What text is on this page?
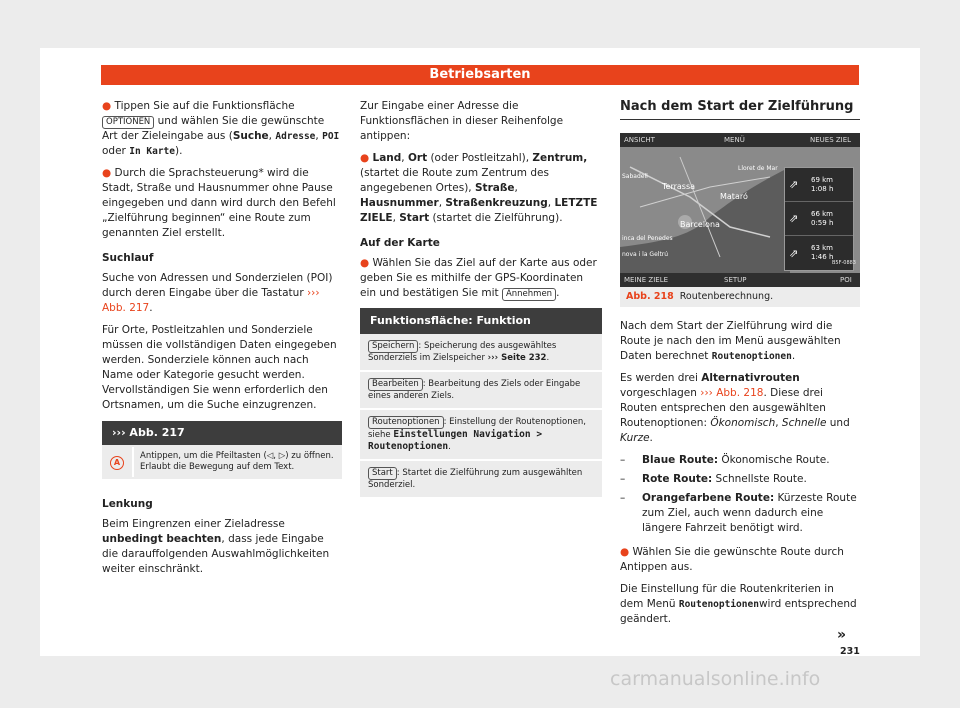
Betriebsarten

● Tippen Sie auf die Funktionsfläche OPTIONEN und wählen Sie die gewünschte Art der Zieleingabe aus (Suche, Adresse, POI oder In Karte).

● Durch die Sprachsteuerung* wird die Stadt, Straße und Hausnummer ohne Pause eingegeben und dann wird durch den Befehl „Zielführung beginnen“ eine Route zum genannten Ziel erstellt.

Suchlauf

Suche von Adressen und Sonderzielen (POI) durch deren Eingabe über die Tastatur ››› Abb. 217.

Für Orte, Postleitzahlen und Sonderziele müssen die vollständigen Daten eingegeben werden. Sonderziele können auch nach Name oder Kategorie gesucht werden. Vervollständigen Sie wenn erforderlich den Ortsnamen, um die Suche einzugrenzen.

››› Abb. 217
A
Antippen, um die Pfeiltasten (◁, ▷) zu öffnen. Erlaubt die Bewegung auf dem Text.
Lenkung

Beim Eingrenzen einer Zieladresse unbedingt beachten, dass jede Eingabe die darauffolgenden Auswahlmöglichkeiten weiter einschränkt.

Zur Eingabe einer Adresse die Funktionsflächen in dieser Reihenfolge antippen:

● Land, Ort (oder Postleitzahl), Zentrum, (startet die Route zum Zentrum des angegebenen Ortes), Straße, Hausnummer, Straßenkreuzung, LETZTE ZIELE, Start (startet die Zielführung).

Auf der Karte

● Wählen Sie das Ziel auf der Karte aus oder geben Sie es mithilfe der GPS-Koordinaten ein und bestätigen Sie mit Annehmen .

Funktionsfläche: Funktion
Speichern : Speicherung des ausgewähltes Sonderziels im Zielspeicher ››› Seite 232.
Bearbeiten : Bearbeitung des Ziels oder Eingabe eines anderen Ziels.
Routenoptionen : Einstellung der Routenoptionen, siehe Einstellungen Navigation > Routenoptionen.
Start : Startet die Zielführung zum ausgewählten Sonderziel.
Nach dem Start der Zielführung
ANSICHT	MENÜ	NEUES ZIEL
Terrassa
Mataró
Barcelona
Lloret de Mar
Sabadell
inca del Penedes
nova i la Geltrú
⇗	69 km
1:08 h
⇗	66 km
0:59 h
⇗	63 km
1:46 h
MEINE ZIELE	SETUP	POI
B5F-0883
Abb. 218 Routenberechnung.

Nach dem Start der Zielführung wird die Route je nach den im Menü ausgewählten Daten berechnet Routenoptionen.

Es werden drei Alternativrouten vorgeschlagen ››› Abb. 218. Diese drei Routen entsprechen den ausgewählten Routenoptionen: Ökonomisch, Schnelle und Kurze.

–	Blaue Route: Ökonomische Route.
–	Rote Route: Schnellste Route.
–	Orangefarbene Route: Kürzeste Route zum Ziel, auch wenn dadurch eine längere Fahrzeit benötigt wird.

● Wählen Sie die gewünschte Route durch Antippen aus.

Die Einstellung für die Routenkriterien in dem Menü Routenoptionenwird entsprechend geändert.

»
231
carmanualsonline.info
